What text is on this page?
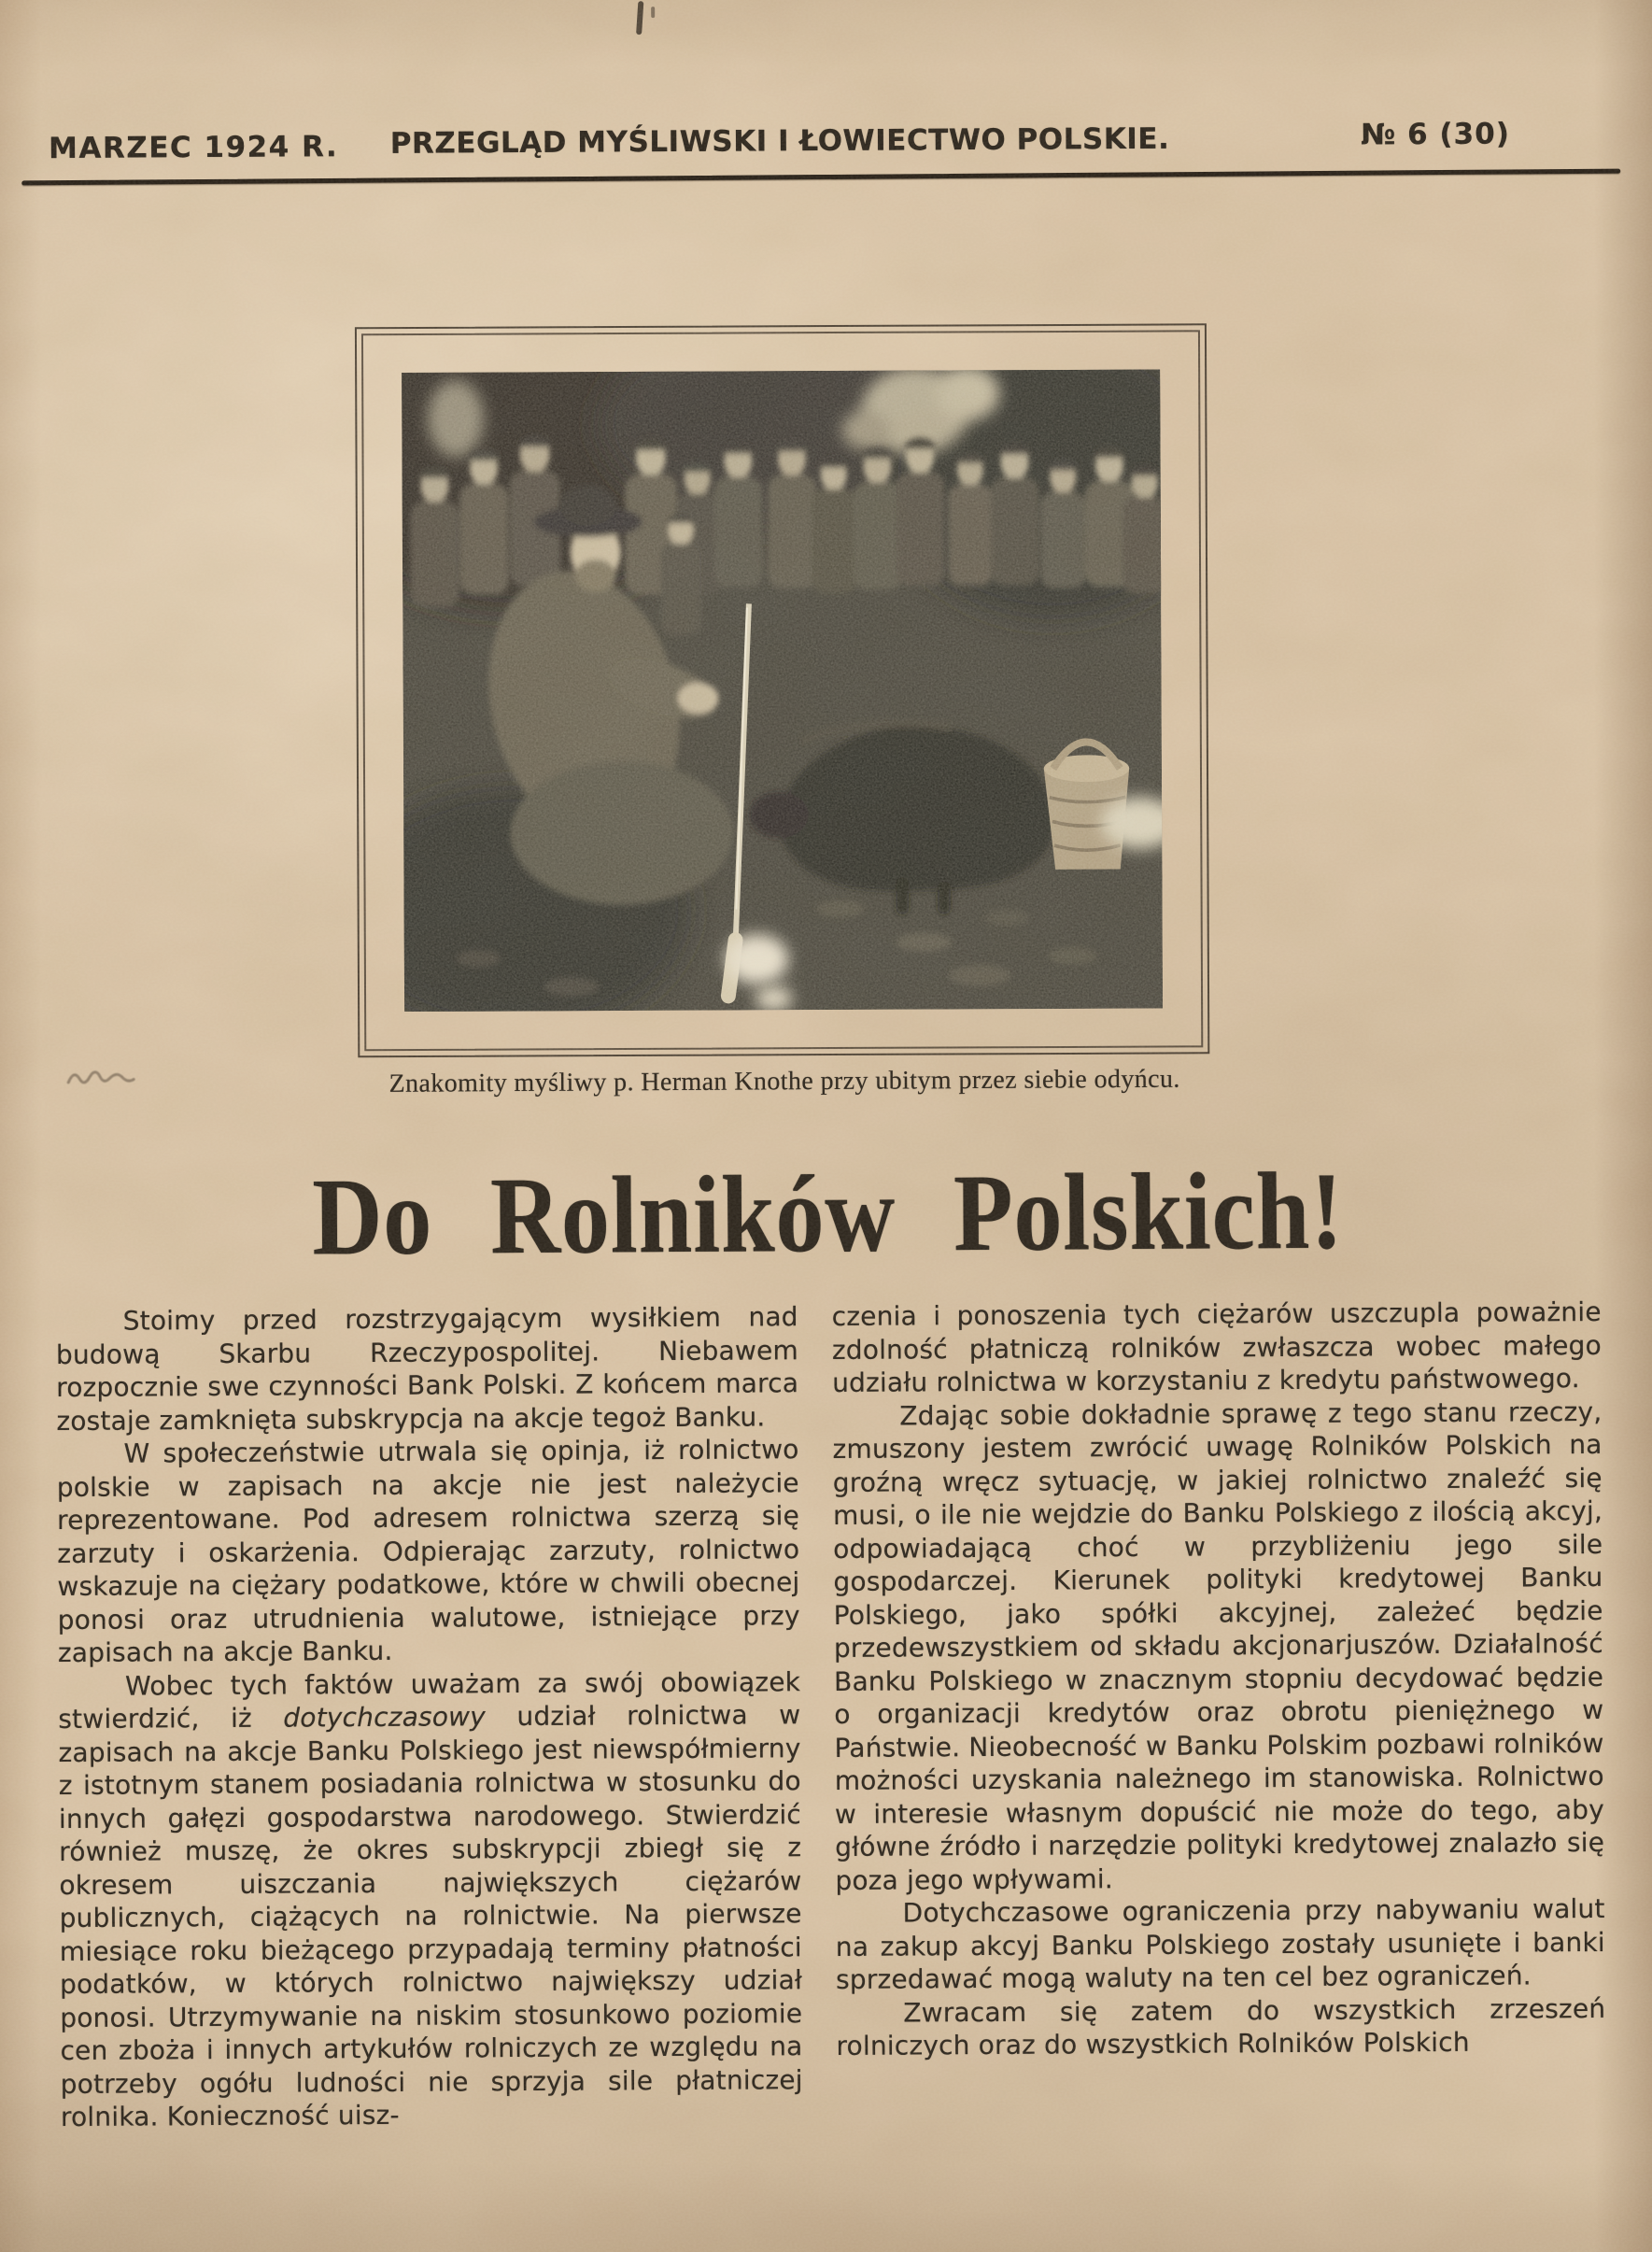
MARZEC 1924 R. PRZEGLĄD MYŚLIWSKI I ŁOWIECTWO POLSKIE.	№ 6 (30)
Znakomity myśliwy p. Herman Knothe przy ubitym przez siebie odyńcu.
Do Rolników Polskich!

Stoimy przed rozstrzygającym wysiłkiem nad budową Skarbu Rzeczypospolitej. Niebawem rozpocznie swe czynności Bank Polski. Z końcem marca zostaje zamknięta subskrypcja na akcje tegoż Banku.

W społeczeństwie utrwala się opinja, iż rolnictwo polskie w zapisach na akcje nie jest należycie reprezentowane. Pod adresem rolnictwa szerzą się zarzuty i oskarżenia. Odpierając zarzuty, rolnictwo wskazuje na ciężary podatkowe, które w chwili obecnej ponosi oraz utrudnienia walutowe, istniejące przy zapisach na akcje Banku.

Wobec tych faktów uważam za swój obowiązek stwierdzić, iż dotychczasowy udział rolnictwa w zapisach na akcje Banku Polskiego jest niewspółmierny z istotnym stanem posiadania rolnictwa w stosunku do innych gałęzi gospodarstwa narodowego. Stwierdzić również muszę, że okres subskrypcji zbiegł się z okresem uiszczania największych ciężarów publicznych, ciążących na rolnictwie. Na pierwsze miesiące roku bieżącego przypadają terminy płatności podatków, w których rolnictwo największy udział ponosi. Utrzymywanie na niskim stosunkowo poziomie cen zboża i innych artykułów rolniczych ze względu na potrzeby ogółu ludności nie sprzyja sile płatniczej rolnika. Konieczność uisz-

czenia i ponoszenia tych ciężarów uszczupla poważnie zdolność płatniczą rolników zwłaszcza wobec małego udziału rolnictwa w korzystaniu z kredytu państwowego.

Zdając sobie dokładnie sprawę z tego stanu rzeczy, zmuszony jestem zwrócić uwagę Rolników Polskich na groźną wręcz sytuację, w jakiej rolnictwo znaleźć się musi, o ile nie wejdzie do Banku Polskiego z ilością akcyj, odpowiadającą choć w przybliżeniu jego sile gospodarczej. Kierunek polityki kredytowej Banku Polskiego, jako spółki akcyjnej, zależeć będzie przedewszystkiem od składu akcjonarjuszów. Działalność Banku Polskiego w znacznym stopniu decydować będzie o organizacji kredytów oraz obrotu pieniężnego w Państwie. Nieobecność w Banku Polskim pozbawi rolników możności uzyskania należnego im stanowiska. Rolnictwo w interesie własnym dopuścić nie może do tego, aby główne źródło i narzędzie polityki kredytowej znalazło się poza jego wpływami.

Dotychczasowe ograniczenia przy nabywaniu walut na zakup akcyj Banku Polskiego zostały usunięte i banki sprzedawać mogą waluty na ten cel bez ograniczeń.

Zwracam się zatem do wszystkich zrzeszeń rolniczych oraz do wszystkich Rolników Polskich
